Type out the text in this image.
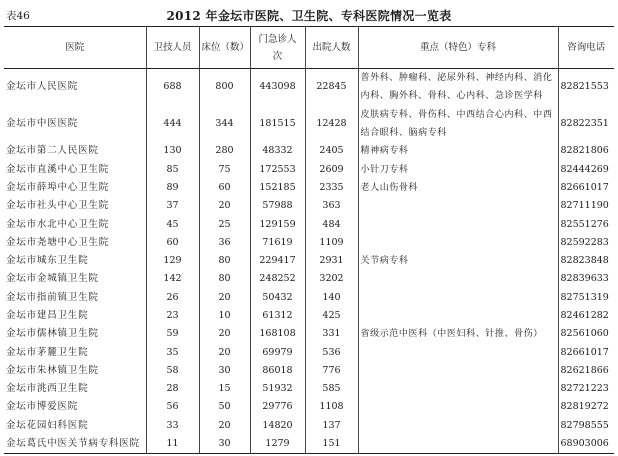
表46	2012 年金坛市医院、卫生院、专科医院情况一览表
医院	卫技人员	床位（数）	门急诊人次	出院人数	重点（特色）专科	咨询电话
金坛市人民医院	688	800	443098	22845	普外科、肿瘤科、泌尿外科、神经内科、消化内科、胸外科、骨科、心内科、急诊医学科	82821553
金坛市中医医院	444	344	181515	12428	皮肤病专科、骨伤科、中西结合心内科、中西结合眼科、脑病专科	82822351
金坛市第二人民医院	130	280	48332	2405	精神病专科	82821806
金坛市直溪中心卫生院	85	75	172553	2609	小针刀专科	82444269
金坛市薛埠中心卫生院	89	60	152185	2335	老人山伤骨科	82661017
金坛市社头中心卫生院	37	20	57988	363		82711190
金坛市水北中心卫生院	45	25	129159	484		82551276
金坛市尧塘中心卫生院	60	36	71619	1109		82592283
金坛市城东卫生院	129	80	229417	2931	关节病专科	82823848
金坛市金城镇卫生院	142	80	248252	3202		82839633
金坛市指前镇卫生院	26	20	50432	140		82751319
金坛市建昌卫生院	23	10	61312	425		82461282
金坛市儒林镇卫生院	59	20	168108	331	省级示范中医科（中医妇科、针推、骨伤）	82561060
金坛市茅麓卫生院	35	20	69979	536		82661017
金坛市朱林镇卫生院	58	30	86018	776		82621866
金坛市洮西卫生院	28	15	51932	585		82721223
金坛市博爱医院	56	50	29776	1108		82819272
金坛花园妇科医院	33	20	14820	137		82798555
金坛葛氏中医关节病专科医院	11	30	1279	151		68903006
